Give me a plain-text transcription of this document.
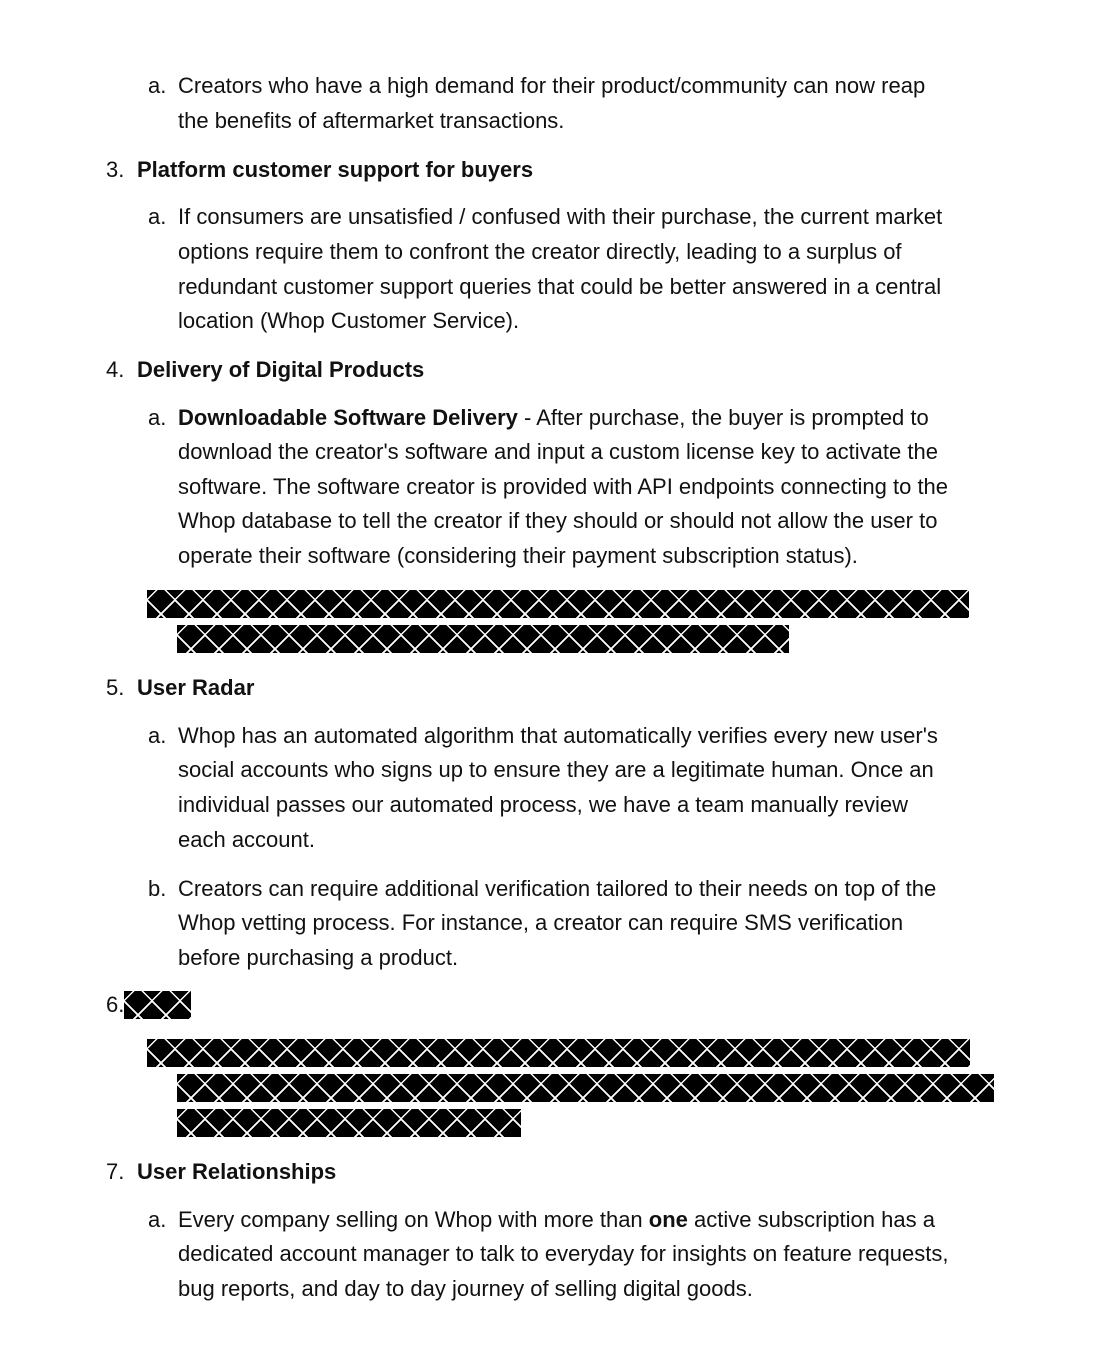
a. Creators who have a high demand for their product/community can now reap
the benefits of aftermarket transactions.
3. Platform customer support for buyers
a. If consumers are unsatisfied / confused with their purchase, the current market
options require them to confront the creator directly, leading to a surplus of
redundant customer support queries that could be better answered in a central
location (Whop Customer Service).
4. Delivery of Digital Products
a. Downloadable Software Delivery - After purchase, the buyer is prompted to
download the creator's software and input a custom license key to activate the
software. The software creator is provided with API endpoints connecting to the
Whop database to tell the creator if they should or should not allow the user to
operate their software (considering their payment subscription status).
5. User Radar
a. Whop has an automated algorithm that automatically verifies every new user's
social accounts who signs up to ensure they are a legitimate human. Once an
individual passes our automated process, we have a team manually review
each account.
b. Creators can require additional verification tailored to their needs on top of the
Whop vetting process. For instance, a creator can require SMS verification
before purchasing a product.
6.
7. User Relationships
a. Every company selling on Whop with more than one active subscription has a
dedicated account manager to talk to everyday for insights on feature requests,
bug reports, and day to day journey of selling digital goods.
